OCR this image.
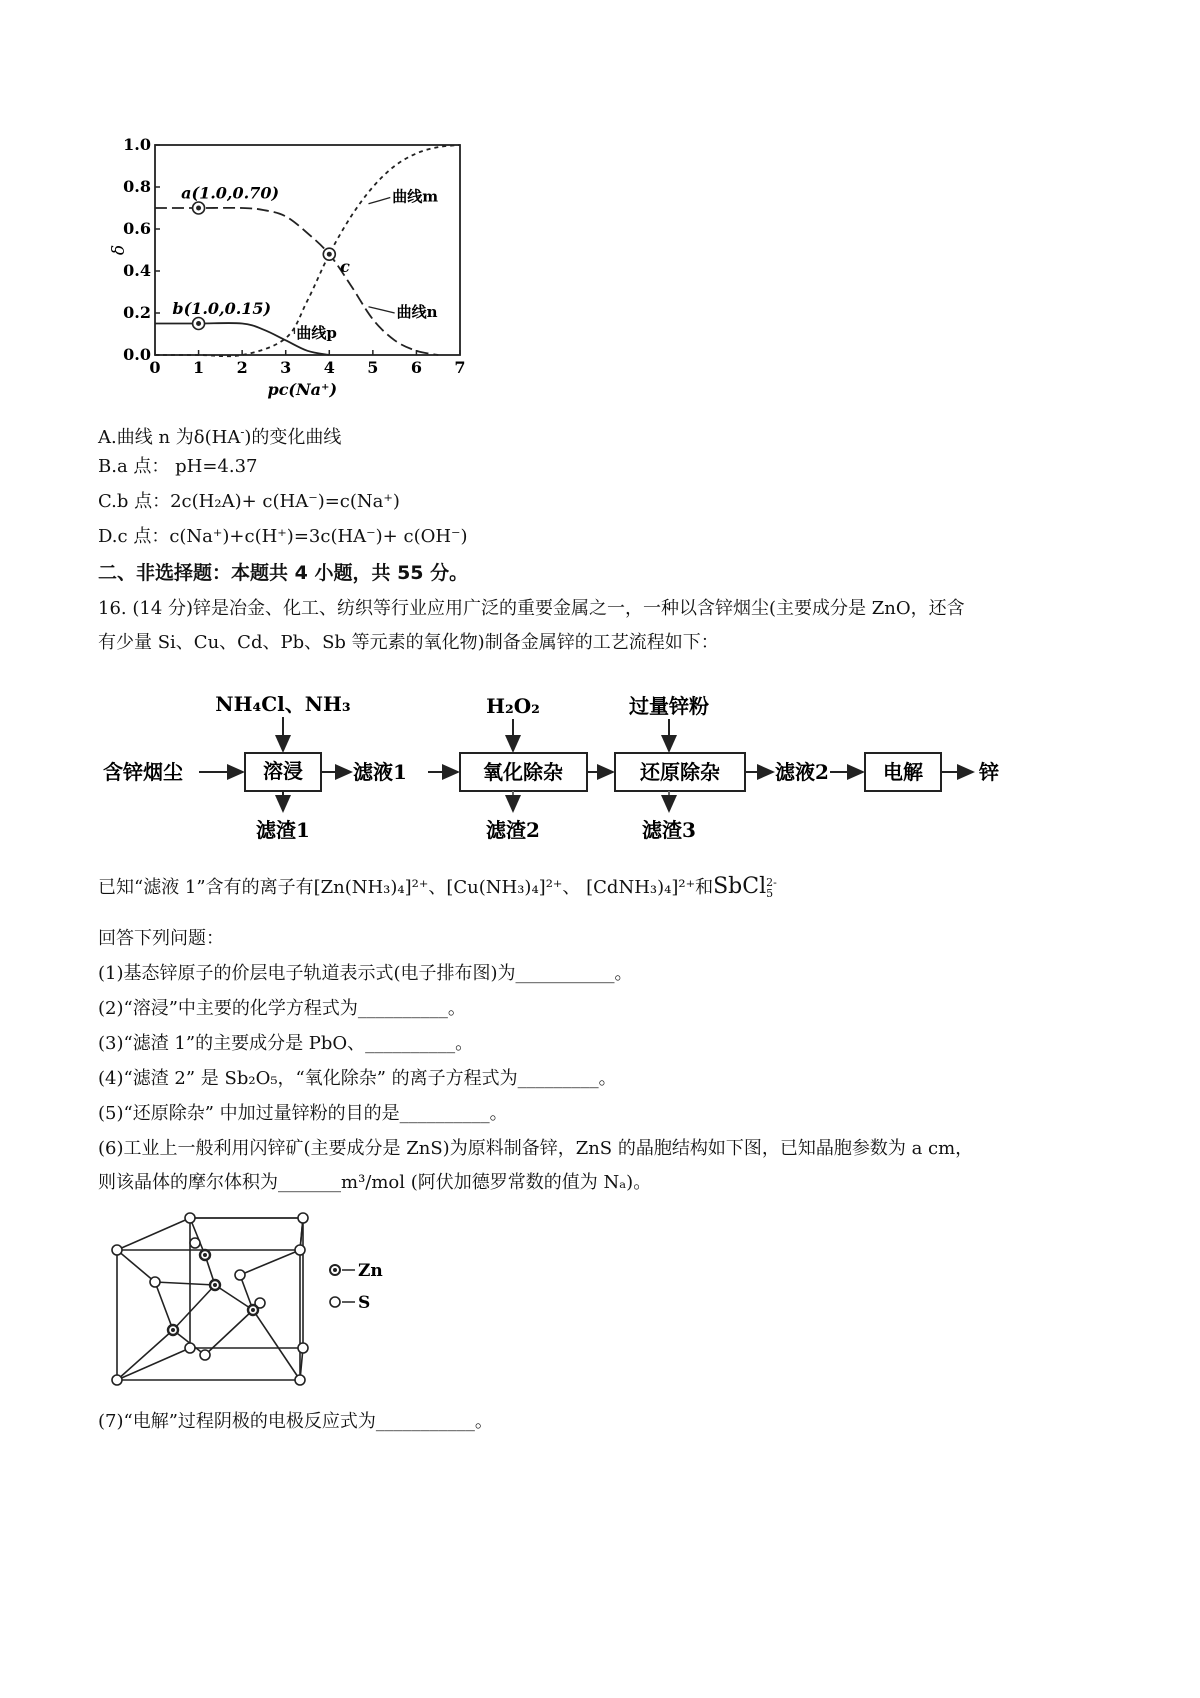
0 1 2 3 4 5 6 7
0.0
0.2
0.4
0.6
0.8
1.0
pc(Na⁺)
δ
曲线m
曲线n
曲线p
a(1.0,0.70)
b(1.0,0.15)
c
A.曲线 n 为δ(HA-)的变化曲线
B.a 点： pH=4.37
C.b 点：2c(H₂A)+ c(HA⁻)=c(Na⁺)
D.c 点：c(Na⁺)+c(H⁺)=3c(HA⁻)+ c(OH⁻)
二、非选择题：本题共 4 小题，共 55 分。
16. (14 分)锌是冶金、化工、纺织等行业应用广泛的重要金属之一，一种以含锌烟尘(主要成分是 ZnO，还含
有少量 Si、Cu、Cd、Pb、Sb 等元素的氧化物)制备金属锌的工艺流程如下：
含锌烟尘	溶浸
NH₄Cl、NH₃
滤渣1
滤液1	氧化除杂
H₂O₂
滤渣2
还原除杂
过量锌粉
滤渣3
滤液2	电解	锌
已知“滤液 1”含有的离子有[Zn(NH₃)₄]²⁺、[Cu(NH₃)₄]²⁺、 [CdNH₃)₄]²⁺和SbCl 2-
5
回答下列问题：
(1)基态锌原子的价层电子轨道表示式(电子排布图)为___________。
(2)“溶浸”中主要的化学方程式为__________。
(3)“滤渣 1”的主要成分是 PbO、__________。
(4)“滤渣 2” 是 Sb₂O₅，“氧化除杂” 的离子方程式为_________。
(5)“还原除杂” 中加过量锌粉的目的是__________。
(6)工业上一般利用闪锌矿(主要成分是 ZnS)为原料制备锌，ZnS 的晶胞结构如下图，已知晶胞参数为 a cm，
则该晶体的摩尔体积为_______m³/mol (阿伏加德罗常数的值为 Nₐ)。
Zn
S
(7)“电解”过程阴极的电极反应式为___________。
